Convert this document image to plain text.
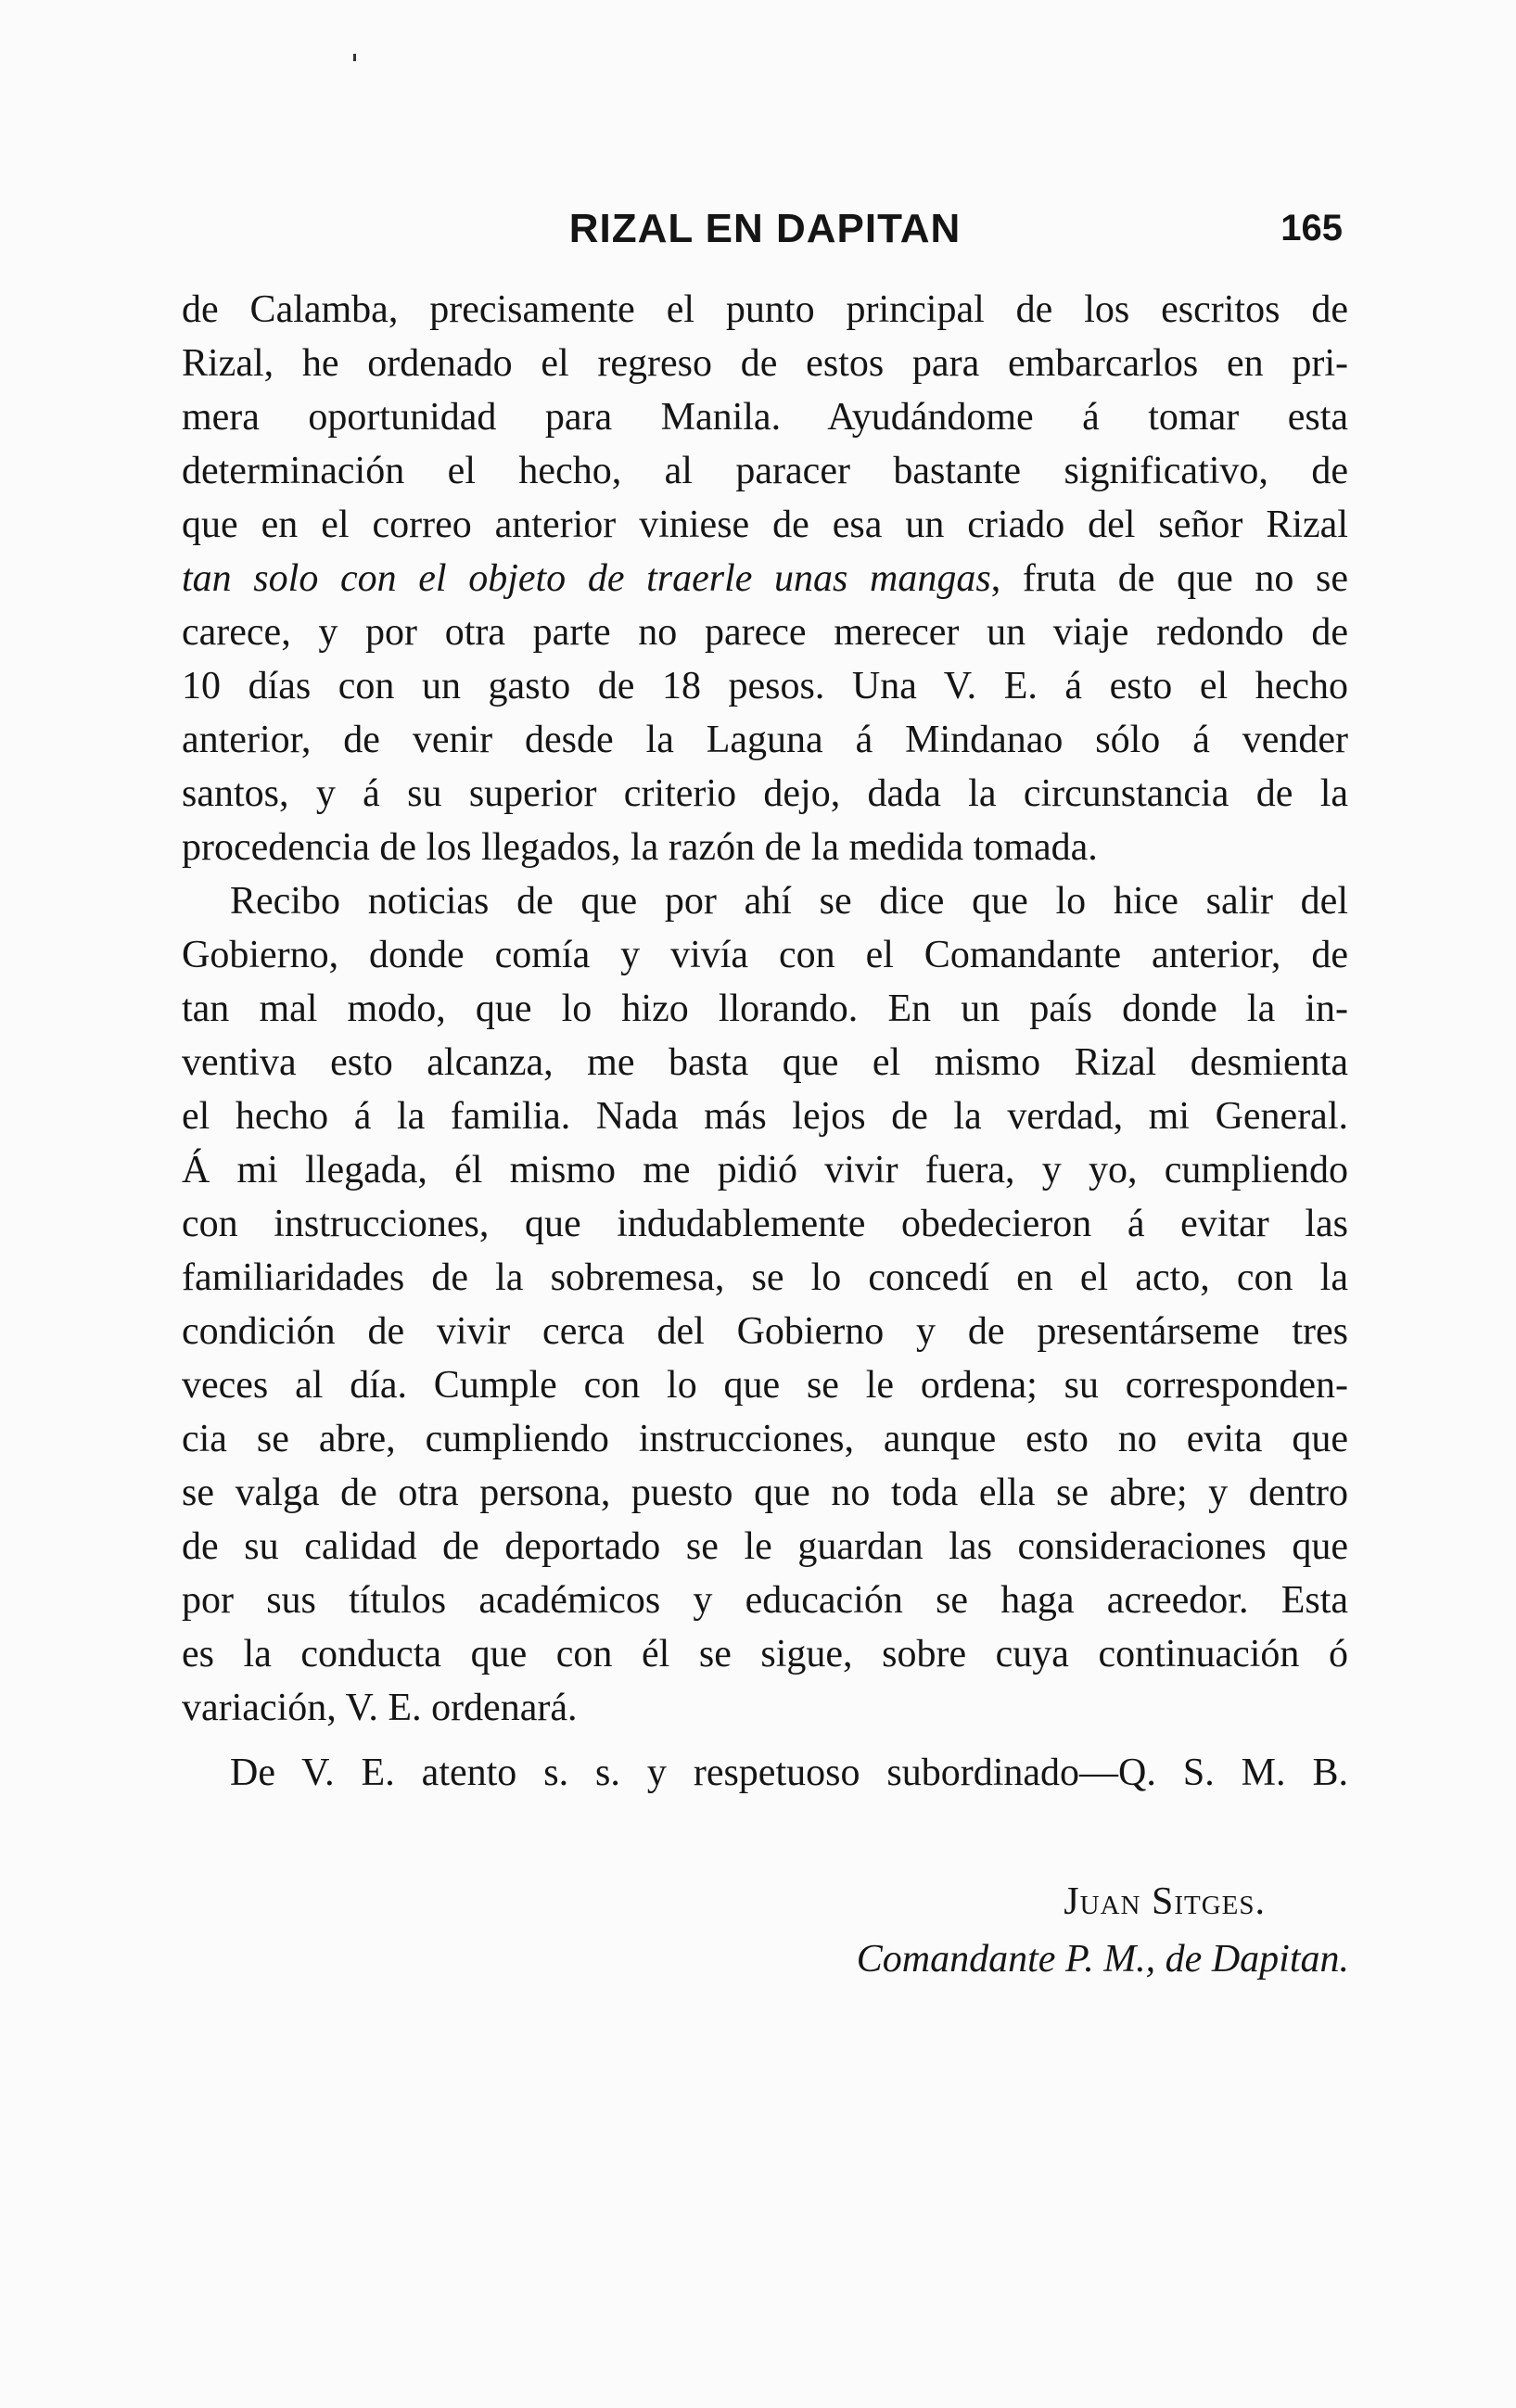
RIZAL EN DAPITAN	165
de Calamba, precisamente el punto principal de los escritos de
Rizal, he ordenado el regreso de estos para embarcarlos en pri-
mera oportunidad para Manila. Ayudándome á tomar esta
determinación el hecho, al paracer bastante significativo, de
que en el correo anterior viniese de esa un criado del señor Rizal
tan solo con el objeto de traerle unas mangas, fruta de que no se
carece, y por otra parte no parece merecer un viaje redondo de
10 días con un gasto de 18 pesos. Una V. E. á esto el hecho
anterior, de venir desde la Laguna á Mindanao sólo á vender
santos, y á su superior criterio dejo, dada la circunstancia de la
procedencia de los llegados, la razón de la medida tomada.
Recibo noticias de que por ahí se dice que lo hice salir del
Gobierno, donde comía y vivía con el Comandante anterior, de
tan mal modo, que lo hizo llorando. En un país donde la in-
ventiva esto alcanza, me basta que el mismo Rizal desmienta
el hecho á la familia. Nada más lejos de la verdad, mi General.
Á mi llegada, él mismo me pidió vivir fuera, y yo, cumpliendo
con instrucciones, que indudablemente obedecieron á evitar las
familiaridades de la sobremesa, se lo concedí en el acto, con la
condición de vivir cerca del Gobierno y de presentárseme tres
veces al día. Cumple con lo que se le ordena; su corresponden-
cia se abre, cumpliendo instrucciones, aunque esto no evita que
se valga de otra persona, puesto que no toda ella se abre; y dentro
de su calidad de deportado se le guardan las consideraciones que
por sus títulos académicos y educación se haga acreedor. Esta
es la conducta que con él se sigue, sobre cuya continuación ó
variación, V. E. ordenará.
De V. E. atento s. s. y respetuoso subordinado—Q. S. M. B.
Juan Sitges.
Comandante P. M., de Dapitan.
